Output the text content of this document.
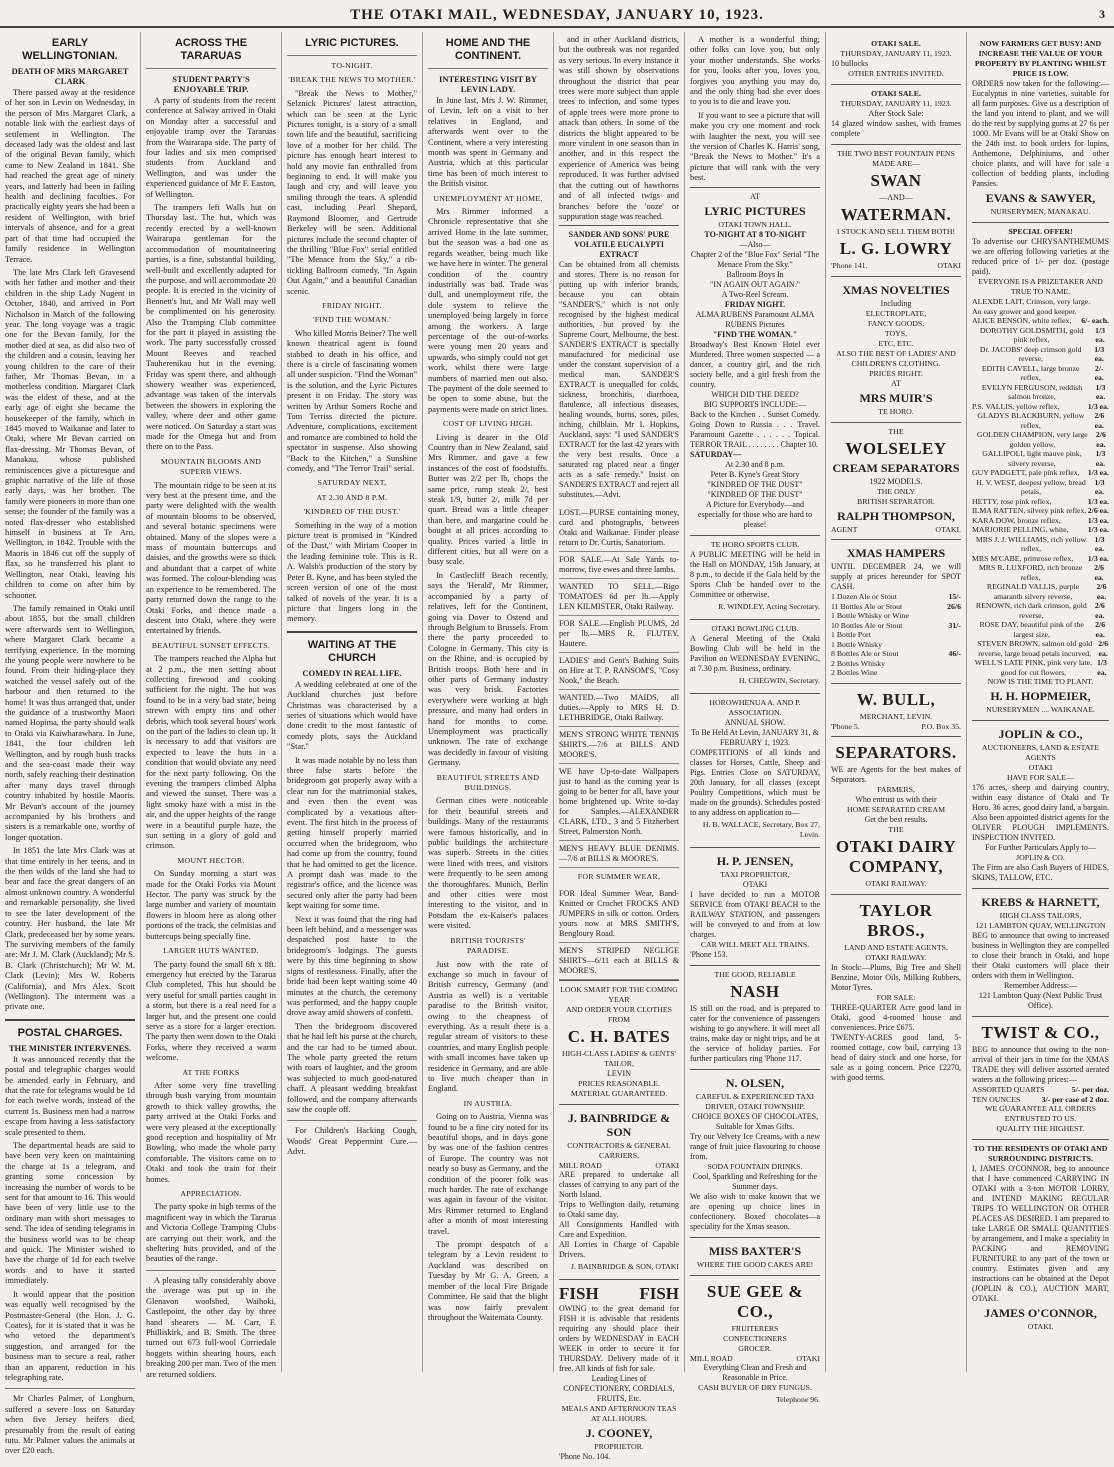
THE OTAKI MAIL, WEDNESDAY, JANUARY 10, 1923.	3
EARLY WELLINGTONIAN.
DEATH OF MRS MARGARET CLARK

There passed away at the residence of her son in Levin on Wednesday, in the person of Mrs Margaret Clark, a notable link with the earliest days of settlement in Wellington. The deceased lady was the oldest and last of the original Bevan family, which came to New Zealand in 1841. She had reached the great age of ninety years, and latterly had been in failing health and declining faculties. For practically eighty years she had been a resident of Wellington, with brief intervals of absence, and for a great part of that time had occupied the family residence in Wellington Terrace.

The late Mrs Clark left Gravesend with her father and mother and their children in the ship Lady Nugent in October, 1840, and arrived in Port Nicholson in March of the following year. The long voyage was a tragic one for the Bevan family, for the mother died at sea, as did also two of the children and a cousin, leaving her young children to the care of their father, Mr Thomas Bevan, in a motherless condition. Margaret Clark was the eldest of these, and at the early age of eight she became the housekeeper of the family, which in 1845 moved to Waikanae and later to Otaki, where Mr Bevan carried on flax-dressing. Mr Thomas Bevan, of Manakau, whose published reminiscences give a picturesque and graphic narrative of the life of those early days, was her brother. The family were pioneers in more than one sense; the founder of the family was a noted flax-dresser who established himself in business at Te Aro, Wellington, in 1842. Trouble with the Maoris in 1846 cut off the supply of flax, so he transferred his plant to Wellington, near Otaki, leaving his children to come on after him by schooner.

The family remained in Otaki until about 1855, but the small children were afterwards sent to Wellington, where Margaret Clark became a terrifying experience. In the morning the young people were nowhere to be found. From their hiding-place they watched the vessel safely out of the harbour and then returned to the home! It was thus arranged that, under the guidance of a trustworthy Maori named Hopima, the party should walk to Otaki via Kaiwharawhara. In June, 1841, the four children left Wellington, and by rough bush tracks and the sea-coast made their way north, safely reaching their destination after many days travel through country inhabited by hostile Maoris. Mr Bevan's account of the journey accompanied by his brothers and sisters is a remarkable one, worthy of longer quotation.

In 1851 the late Mrs Clark was at that time entirely in her teens, and in the then wilds of the land she had to bear and face the great dangers of an almost unknown country. A wonderful and remarkable personality, she lived to see the later development of the country. Her husband, the late Mr Clark, predeceased her by some years. The surviving members of the family are: Mr J. M. Clark (Auckland); Mr S. B. Clark (Christchurch); Mr W. M. Clark (Levin); Mrs W. Roberts (California), and Mrs Alex. Scott (Wellington). The interment was a private one.

POSTAL CHARGES.
THE MINISTER INTERVENES.

It was announced recently that the postal and telegraphic charges would be amended early in February, and that the rate for telegrams would be 1d for each twelve words, instead of the current 1s. Business men had a narrow escape from having a less satisfactory scale presented to them.

The departmental heads are said to have been very keen on maintaining the charge at 1s a telegram, and granting some concession by increasing the number of words to be sent for that amount to 16. This would have been of very little use to the ordinary man with short messages to send. The idea of sending telegrams in the business world was to be cheap and quick. The Minister wished to have the charge of 1d for each twelve words and to have it started immediately.

It would appear that the position was equally well recognised by the Postmaster-General (the Hon. J. G. Coates), for it is stated that it was he who vetoed the department's suggestion, and arranged for the business man to secure a real, rather than an apparent, reduction in his telegraphing rate.

Mr Charles Palmer, of Longburn, suffered a severe loss on Saturday when five Jersey heifers died, presumably from the result of eating tutu. Mr Palmer values the animals at over £20 each.

ACROSS THE TARARUAS
STUDENT PARTY'S ENJOYABLE TRIP.

A party of students from the recent conference at Salway arrived in Otaki on Monday after a successful and enjoyable tramp over the Tararuas from the Wairarapa side. The party of four ladies and six men comprised students from Auckland and Wellington, and was under the experienced guidance of Mr F. Easton, of Wellington.

The trampers left Walls hut on Thursday last. The hut, which was recently erected by a well-known Wairarapa gentleman for the accommodation of mountaineering parties, is a fine, substantial building, well-built and excellently adapted for the purpose, and will accommodate 20 people. It is erected in the vicinity of Bennett's hut, and Mr Wall may well be complimented on his generosity. Also the Tramping Club committee for the part it played in assisting the work. The party successfully crossed Mount Reeves and reached Tauherenikau hut in the evening. Friday was spent there, and although showery weather was experienced, advantage was taken of the intervals between the showers in exploring the valley, where deer and other game were noticed. On Saturday a start was made for the Omega hut and from there on to the Pass.

MOUNTAIN BLOOMS AND SUPERB VIEWS.

The mountain ridge to be seen at its very best at the present time, and the party were delighted with the wealth of mountain blooms to be observed, and several botanic specimens were obtained. Many of the slopes were a mass of mountain buttercups and daisies, and the growths were so thick and abundant that a carpet of white was formed. The colour-blending was an experience to be remembered. The party returned down the range to the Otaki Forks, and thence made a descent into Otaki, where they were entertained by friends.

BEAUTIFUL SUNSET EFFECTS.

The trampers reached the Alpha hut at 2 p.m., the men setting about collecting firewood and cooking sufficient for the night. The hut was found to be in a very bad state, being strewn with empty tins and other debris, which took several hours' work on the part of the ladies to clean up. It is necessary to add that visitors are expected to leave the huts in a condition that would obviate any need for the next party following. On the evening the trampers climbed Alpha and viewed the sunset. There was a light smoky haze with a mist in the air, and the upper heights of the range were in a beautiful purple haze, the sun setting in a glory of gold and crimson.

MOUNT HECTOR.

On Sunday morning a start was made for the Otaki Forks via Mount Hector. The party was struck by the large number and variety of mountain flowers in bloom here as along other portions of the track, the celmisias and buttercups being specially fine.

LARGER HUTS WANTED.

The party found the small 6ft x 8ft. emergency hut erected by the Tararua Club completed. This hut should be very useful for small parties caught in a storm, but there is a real need for a larger hut, and the present one could serve as a store for a larger erection. The party then went down to the Otaki Forks, where they received a warm welcome.

AT THE FORKS

After some very fine travelling through bush varying from mountain growth to thick valley growths, the party arrived at the Otaki Forks and were very pleased at the exceptionally good reception and hospitality of Mr Bowling, who made the whole party comfortable. The visitors came on to Otaki and took the train for their homes.

APPRECIATION.

The party spoke in high terms of the magnificent way in which the Tararua and Victoria College Tramping Clubs are carrying out their work, and the sheltering huts provided, and of the beauties of the range.

A pleasing tally considerably above the average was put up in the Glenavon woolshed, Waihoki, Castlepoint, the other day by three hand shearers — M. Carr, F. Philliskirk, and B. Smith. The three turned out 673 full-wool Corriedale hoggets within shearing hours, each breaking 200 per man. Two of the men are returned soldiers.

LYRIC PICTURES.
TO-NIGHT.
'BREAK THE NEWS TO MOTHER.'

"Break the News to Mother," Selznick Pictures' latest attraction, which can be seen at the Lyric Pictures tonight, is a story of a small town life and the beautiful, sacrificing love of a mother for her child. The picture has enough heart interest to hold any movie fan enthralled from beginning to end. It will make you laugh and cry, and will leave you smiling through the tears. A splendid cast, including Pearl Shepard, Raymond Bloomer, and Gertrude Berkeley will be seen. Additional pictures include the second chapter of the thrilling "Blue Fox" serial entitled "The Menace from the Sky," a rib-tickling Ballroom comedy, "In Again Out Again," and a beautiful Canadian scenic.

FRIDAY NIGHT.
'FIND THE WOMAN.'

Who killed Morris Beiner? The well known theatrical agent is found stabbed to death in his office, and there is a circle of fascinating women all under suspicion. "Find the Woman" is the solution, and the Lyric Pictures present it on Friday. The story was written by Arthur Somers Roche and Tom Terriss directed the picture. Adventure, complications, excitement and romance are combined to hold the spectator in suspense. Also showing "Back to the Kitchen," a Sunshine comedy, and "The Terror Trail" serial.

SATURDAY NEXT,
AT 2.30 AND 8 P.M.
'KINDRED OF THE DUST.'

Something in the way of a motion picture treat is promised in "Kindred of the Dust," with Miriam Cooper in the leading feminine role. This is R. A. Walsh's production of the story by Peter B. Kyne, and has been styled the screen version of one of the most talked of novels of the year. It is a picture that lingers long in the memory.

WAITING AT THE CHURCH
COMEDY IN REAL LIFE.

A wedding celebrated at one of the Auckland churches just before Christmas was characterised by a series of situations which would have done credit to the most fantastic of comedy plots, says the Auckland "Star."

It was made notable by no less than three false starts before the bridegroom got properly away with a clear run for the matrimonial stakes, and even then the event was complicated by a vexatious after-event. The first hitch in the process of getting himself properly married occurred when the bridegroom, who had come up from the country, found that he had omitted to get the licence. A prompt dash was made to the registrar's office, and the licence was secured only after the party had been kept waiting for some time.

Next it was found that the ring had been left behind, and a messenger was despatched post haste to the bridegroom's lodgings. The guests were by this time beginning to show signs of restlessness. Finally, after the bride had been kept waiting some 40 minutes at the church, the ceremony was performed, and the happy couple drove away amid showers of confetti.

Then the bridegroom discovered that he had left his purse at the church, and the car had to be turned about. The whole party greeted the return with roars of laughter, and the groom was subjected to much good-natured chaff. A pleasant wedding breakfast followed, and the company afterwards saw the couple off.

For Children's Hacking Cough, Woods' Great Peppermint Cure.—Advt.

HOME AND THE CONTINENT.
INTERESTING VISIT BY LEVIN LADY.

In June last, Mrs J. W. Rimmer, of Levin, left on a visit to her relatives in England, and afterwards went over to the Continent, where a very interesting month was spent in Germany and Austria, which at this particular time has been of much interest to the British visitor.

UNEMPLOYMENT AT HOME.

Mrs Rimmer informed a Chronicle representative that she arrived Home in the late summer, but the season was a bad one as regards weather, being much like we have here in winter. The general condition of the country industrially was bad. Trade was dull, and unemployment rife, the dole system to relieve the unemployed being largely in force among the workers. A large percentage of the out-of-works were young men 20 years and upwards, who simply could not get work, whilst there were large numbers of married men out also. The payment of the dole seemed to be open to some abuse, but the payments were made on strict lines.

COST OF LIVING HIGH.

Living is dearer in the Old Country than in New Zealand, said Mrs Rimmer, and gave a few instances of the cost of foodstuffs. Butter was 2/2 per lb, chops the same price, rump steak 2/, best steak 1/9, butter 2/, milk 7d per quart. Bread was a little cheaper than here, and margarine could be bought at all prices according to quality. Prices varied a little in different cities, but all were on a busy scale.

In Castlecliff Beach recently, says the 'Herald', Mr Rimmer, accompanied by a party of relatives, left for the Continent, going via Dover to Ostend and through Belgium to Brussels. From there the party proceeded to Cologne in Germany. This city is on the Rhine, and is occupied by British troops. Both here and in other parts of Germany industry was very brisk. Factories everywhere were working at high pressure, and many had orders in hand for months to come. Unemployment was practically unknown. The rate of exchange was decidedly in favour of visiting Germany.

BEAUTIFUL STREETS AND BUILDINGS.

German cities were noticeable for their beautiful streets and buildings. Many of the restaurants were famous historically, and in public buildings the architecture was superb. Streets in the cities were lined with trees, and visitors were frequently to be seen among the thoroughfares. Munich, Berlin and other cities were most interesting to the visitor, and in Potsdam the ex-Kaiser's palaces were visited.

BRITISH TOURISTS' PARADISE.

Just now with the rate of exchange so much in favour of British currency, Germany (and Austria as well) is a veritable paradise to the British visitor, owing to the cheapness of everything. As a result there is a regular stream of visitors to these countries, and many English people with small incomes have taken up residence in Germany, and are able to live much cheaper than in England.

IN AUSTRIA.

Going on to Austria, Vienna was found to be a fine city noted for its beautiful shops, and in days gone by was one of the fashion centres of Europe. The country was not nearly so busy as Germany, and the condition of the poorer folk was much harder. The rate of exchange was again in favour of the visitor. Mrs Rimmer returned to England after a month of most interesting travel.

The prompt despatch of a telegram by a Levin resident to Auckland was described on Tuesday by Mr G. A. Green, a member of the local Fire Brigade Committee. He said that the blight was now fairly prevalent throughout the Waitemata County.

and in other Auckland districts, but the outbreak was not regarded as very serious. In every instance it was still shown by observations throughout the district that pear trees were more subject than apple trees to infection, and some types of apple trees were more prone to attack than others. In some of the districts the blight appeared to be more virulent in one season than in another, and in this respect the experience of America was being reproduced. It was further advised that the cutting out of hawthorns and of all infected twigs and branches before the 'ooze' or suppuration stage was reached.

SANDER AND SONS' PURE VOLATILE EUCALYPTI EXTRACT
Can be obtained from all chemists and stores. There is no reason for putting up with inferior brands, because you can obtain "SANDER'S," which is not only recognised by the highest medical authorities, but proved by the Supreme Court, Melbourne, the best. SANDER'S EXTRACT is specially manufactured for medicinal use under the constant supervision of a medical man. SANDER'S EXTRACT is unequalled for colds, sickness, bronchitis, diarrhoea, flatulence, all infectious diseases, healing wounds, burns, sores, piles, itching, chilblain. Mr I. Hopkins, Auckland, says: "I used SANDER'S EXTRACT for the last 42 years with the very best results. Once a saturated rag placed near a finger acts as a safe remedy." Insist on SANDER'S EXTRACT and reject all substitutes.—Advt.
LOST.—PURSE containing money, card and photographs, between Otaki and Waikanae. Finder please return to Dr. Curtis, Sanatorium.
FOR SALE.—At Sale Yards to-morrow, five ewes and three lambs.
WANTED TO SELL.—Rigo TOMATOES 6d per lb.—Apply LEN KILMISTER, Otaki Railway.
FOR SALE.—English PLUMS, 2d per lb.—MRS R. FLUTEY, Hautere.
LADIES' and Gent's Bathing Suits on Hire at T. P. RANSOM'S, "Cosy Nook," the Beach.
WANTED.—Two MAIDS, all duties.—Apply to MRS H. D. LETHBRIDGE, Otaki Railway.
MEN'S STRONG WHITE TENNIS SHIRTS.—7/6 at BILLS AND MOORE'S.
WE have Up-to-date Wallpapers just to hand as the coming year is going to be better for all, have your home brightened up. Write to-day for Samples.—ALEXANDER CLARK, LTD., 3 and 5 Fitzherbert Street, Palmerston North.
MEN'S HEAVY BLUE DENIMS.—7/6 at BILLS & MOORE'S.
FOR SUMMER WEAR,
FOR Ideal Summer Wear, Band-Knitted or Crochet FROCKS AND JUMPERS in silk or cotton. Orders yours now at MRS SMITH'S, Bengloury Road.
MEN'S STRIPED NEGLIGE SHIRTS—6/11 each at BILLS & MOORE'S.
LOOK SMART FOR THE COMING YEAR
AND ORDER YOUR CLOTHES FROM
C. H. BATES
HIGH-CLASS LADIES' & GENTS' TAILOR,
LEVIN
PRICES REASONABLE. MATERIAL GUARANTEED.
J. BAINBRIDGE & SON
CONTRACTORS & GENERAL CARRIERS,
MILL ROAD	OTAKI
ARE prepared to undertake all classes of carrying to any part of the North Island.
Trips to Wellington daily, returning to Otaki same day.
All Consignments Handled with Care and Expedition.
All Lorries in Charge of Capable Drivers.
J. BAINBRIDGE & SON, OTAKI
FISH FISH
OWING to the great demand for FISH it is advisable that residents requiring any should place their orders by WEDNESDAY in EACH WEEK in order to secure it for THURSDAY. Delivery made of it free. All kinds of fish for sale.
Leading Lines of CONFECTIONERY, CORDIALS, FRUITS, Etc.
MEALS AND AFTERNOON TEAS AT ALL HOURS.
J. COONEY,
PROPRIETOR.
'Phone No. 104.

A mother is a wonderful thing; other folks can love you, but only your mother understands. She works for you, looks after you, loves you, forgives you anything you may do, and the only thing bad she ever does to you is to die and leave you.

If you want to see a picture that will make you cry one moment and rock with laughter the next, you will see the version of Charles K. Harris' song, "Break the News to Mother." It's a picture that will rank with the very best.

AT
LYRIC PICTURES
OTAKI TOWN HALL.
TO-NIGHT AT 8 TO-NIGHT
—Also—
Chapter 2 of the "Blue Fox" Serial "The Menace From the Sky."
Ballroom Boys In
"IN AGAIN OUT AGAIN."
A Two-Reel Scream.
FRIDAY NIGHT.
ALMA RUBENS Paramount ALMA RUBENS Pictures
"FIND THE WOMAN."
Broadway's Best Known Hotel ever Murdered. Three women suspected — a dancer, a country girl, and the rich society belle, and a girl fresh from the country.
WHICH DID THE DEED?
BIG SUPPORTS INCLUDE:—
Back to the Kitchen . . Sunset Comedy. Going Down to Russia . . . Travel. Paramount Gazette . . . . . . Topical. TERROR TRAIL . . . . . . . . Chapter 10.
SATURDAY—
At 2.30 and 8 p.m.
Peter B. Kyne's Great Story "KINDRED OF THE DUST" "KINDRED OF THE DUST"
A Picture for Everybody—and especially for those who are hard to please!
TE HORO SPORTS CLUB.
A PUBLIC MEETING will be held in the Hall on MONDAY, 15th January, at 8 p.m., to decide if the Gala held by the Sports Club be handed over to the Committee or otherwise.
R. WINDLEY, Acting Secretary.
OTAKI BOWLING CLUB.
A General Meeting of the Otaki Bowling Club will be held in the Pavilion on WEDNESDAY EVENING, at 7.30 p.m. Business, ordinary.
H. CHEGWIN, Secretary.
HOROWHENUA A. AND P. ASSOCIATION.
ANNUAL SHOW.
To Be Held At Levin, JANUARY 31, & FEBRUARY 1, 1923.
COMPETITIONS of all kinds and classes for Horses, Cattle, Sheep and Pigs. Entries Close on SATURDAY, 20th January, for all classes (except Poultry Competitions, which must be made on the grounds). Schedules posted to any address on application to—
H. B. WALLACE, Secretary, Box 27, Levin.
H. P. JENSEN,
TAXI PROPRIETOR,
OTAKI
I have decided to run a MOTOR SERVICE from OTAKI BEACH to the RAILWAY STATION, and passengers will be conveyed to and from at low charges.
CAR WILL MEET ALL TRAINS.
'Phone 153.
THE GOOD, RELIABLE
NASH
IS still on the road, and is prepared to cater for the convenience of passengers wishing to go anywhere. It will meet all trains, make day or night trips, and be at the service of holiday parties. For further particulars ring 'Phone 117.
N. OLSEN,
CAREFUL & EXPERIENCED TAXI DRIVER, OTAKI TOWNSHIP.
CHOICE BOXES OF CHOCOLATES, Suitable for Xmas Gifts.
Try our Velvety Ice Creams, with a new range of fruit juice flavouring to choose from.
SODA FOUNTAIN DRINKS.
Cool, Sparkling and Refreshing for the Summer days.
We also wish to make known that we are opening up choice lines in confectionery. Boxed chocolates—a speciality for the Xmas season.
MISS BAXTER'S
WHERE THE GOOD CAKES ARE!
SUE GEE & CO.,
FRUITERERS
CONFECTIONERS
GROCER.
MILL ROAD	OTAKI
Everything Clean and Fresh and Reasonable in Price.
CASH BUYER OF DRY FUNGUS.
Telephone 96.
OTAKI SALE.
THURSDAY, JANUARY 11, 1923.
10 bullocks
OTHER ENTRIES INVITED.
OTAKI SALE.
THURSDAY, JANUARY 11, 1923.
After Stock Sale:
14 glazed window sashes, with frames complete
THE TWO BEST FOUNTAIN PENS MADE ARE—
SWAN
—AND—
WATERMAN.
I STOCK AND SELL THEM BOTH!
L. G. LOWRY
'Phone 141.	OTAKI
XMAS NOVELTIES
Including
ELECTROPLATE,
FANCY GOODS,
TOYS,
ETC, ETC.
ALSO THE BEST OF LADIES' AND CHILDREN'S CLOTHING.
PRICES RIGHT.
AT
MRS MUIR'S
TE HORO.
THE
WOLSELEY
CREAM SEPARATORS
1922 MODELS.
THE ONLY
BRITISH SEPARATOR.
RALPH THOMPSON,
AGENT	OTAKI.
XMAS HAMPERS
UNTIL DECEMBER 24, we will supply at prices hereunder for SPOT CASH.
1 Dozen Ale or Stout	15/-
11 Bottles Ale or Stout	26/6
1 Bottle Whisky or Wine
10 Bottles Ale or Stout	31/-
1 Bottle Port
1 Bottle Whisky
8 Bottles Ale or Stout	46/-
2 Bottles Whisky
2 Bottles Wine
W. BULL,
MERCHANT, LEVIN.
'Phone 5.	P.O. Box 35.
SEPARATORS.
WE are Agents for the best makes of Separators.
FARMERS,
Who entrust us with their
HOME SEPARATED CREAM
Get the best results.
THE
OTAKI DAIRY COMPANY,
OTAKI RAILWAY.
TAYLOR BROS.,
LAND AND ESTATE AGENTS,
OTAKI RAILWAY.
In Stock:—Plums, Big Tree and Shell Benzine, Motor Oils, Milking Rubbers, Motor Tyres.
FOR SALE:
THREE-QUARTER Acre good land in Otaki, good 4-roomed house and conveniences. Price £675.
TWENTY-ACRES good land, 5-roomed cottage, cow bail, carrying 13 head of dairy stock and one horse, for sale as a going concern. Price £2270, with good terms.
NOW FARMERS GET BUSY! AND INCREASE THE VALUE OF YOUR PROPERTY BY PLANTING WHILST PRICE IS LOW.
ORDERS now taken for the following:—Eucalyptus in nine varieties, suitable for all farm purposes. Give us a description of the land you intend to plant, and we will do the rest by supplying gums at 27 6s per 1000. Mr Evans will be at Otaki Show on the 24th inst. to book orders for lupins, Anthemone, Delphiniums, and other choice plants, and will have for sale a collection of bedding plants, including Pansies.
EVANS & SAWYER,
NURSERYMEN, MANAKAU.
SPECIAL OFFER!
To advertise our CHRYSANTHEMUMS we are offering following varieties at the reduced price of 1/- per doz. (postage paid).
EVERYONE IS A PRIZETAKER AND TRUE TO NAME.
ALEXDE LAIT, Crimson, very large.
An easy grower and good keeper.
ALICE BENSON, white reflex, 6/- each.
DOROTHY GOLDSMITH, gold pink reflex,
1/3 ea.
Dr. JACOBS' deep crimson gold reverse,
1/3 ea.
EDITH CAVELL, large bronze reflex,
2/- ea.
EVELYN FERGUSON, reddish salmon bronze,
1/3 ea.
P.S. VALLIS, yellow reflex,	1/3 ea.
GLADYS BLACKBURN, yellow reflex,
2/6 ea.
GOLDEN CHAMPION, very large golden yellow,
2/6 ea.
GALLIPOLI, light mauve pink, silvery reverse,
1/3 ea.
GUY PADGETT, pale pink reflex, 1/3 ea.
H. V. WEST, deepest yellow, bread petals,
1/3 ea.
HETTY, rose pink reflex,	1/3 ea.
ILMA RATTEN, silvery pink reflex, 2/6 ea.
KARA DOW, bronze reflex,	1/3 ea.
MARJORIE PELLING, white, 1/3 ea.
MRS J. J. WILLIAMS, rich yellow reflex,
1/3 ea.
MRS M'CABE, primrose reflex, 1/3 ea.
MRS R. LUXFORD, rich bronze reflex,
2/6 ea.
REGINALD VALLIS, purple amaranth silvery reverse,
2/6 ea.
RENOWN, rich dark crimson, gold reverse,
2/6 ea.
ROSE DAY, beautiful pink of the largest size,
2/6 ea.
STEVEN BROWN, salmon old gold reverse, large broad petals incurved,
2/6 ea.
WELL'S LATE PINK, pink very late, good for cut flowers,
1/3 ea.
NOW IS THE TIME TO PLANT.
H. H. HOPMEIER,
NURSERYMEN .... WAIKANAE.
JOPLIN & CO.,
AUCTIONEERS, LAND & ESTATE AGENTS
OTAKI
HAVE FOR SALE—
176 acres, sheep and dairying country, within easy distance of Otaki and Te Horo. 36 acres, good dairy land, a bargain. Also been appointed district agents for the OLIVER PLOUGH IMPLEMENTS. INSPECTION INVITED.
For Further Particulars Apply to—
JOPLIN & CO.
The Firm are also Cash Buyers of HIDES, SKINS, TALLOW, ETC.
KREBS & HARNETT,
HIGH CLASS TAILORS,
121 LAMBTON QUAY, WELLINGTON
BEG to announce that owing to increased business in Wellington they are compelled to close their branch in Otaki, and hope their Otaki customers will place their orders with them in Wellington.
Remember Address:—
121 Lambton Quay (Next Public Trust Office).
TWIST & CO.,
BEG to announce that owing to the non-arrival of their jars in time for the XMAS TRADE they will deliver assorted aerated waters at the following prices:—
ASSORTED QUARTS	5/- per doz.
TEN OUNCES	3/- per case of 2 doz.
WE GUARANTEE ALL ORDERS ENTRUSTED TO US.
QUALITY THE HIGHEST.
TO THE RESIDENTS OF OTAKI AND SURROUNDING DISTRICTS.
I, JAMES O'CONNOR, beg to announce that I have commenced CARRYING IN OTAKI with a 3-ton MOTOR LORRY, and INTEND MAKING REGULAR TRIPS TO WELLINGTON OR OTHER PLACES AS DESIRED. I am prepared to take LARGE OR SMALL QUANTITIES by arrangement, and I make a speciality in PACKING and REMOVING FURNITURE to any part of the town or country. Estimates given and any instructions can be obtained at the Depot (JOPLIN & CO.), AUCTION MART, OTAKI.
JAMES O'CONNOR,
OTAKI.
